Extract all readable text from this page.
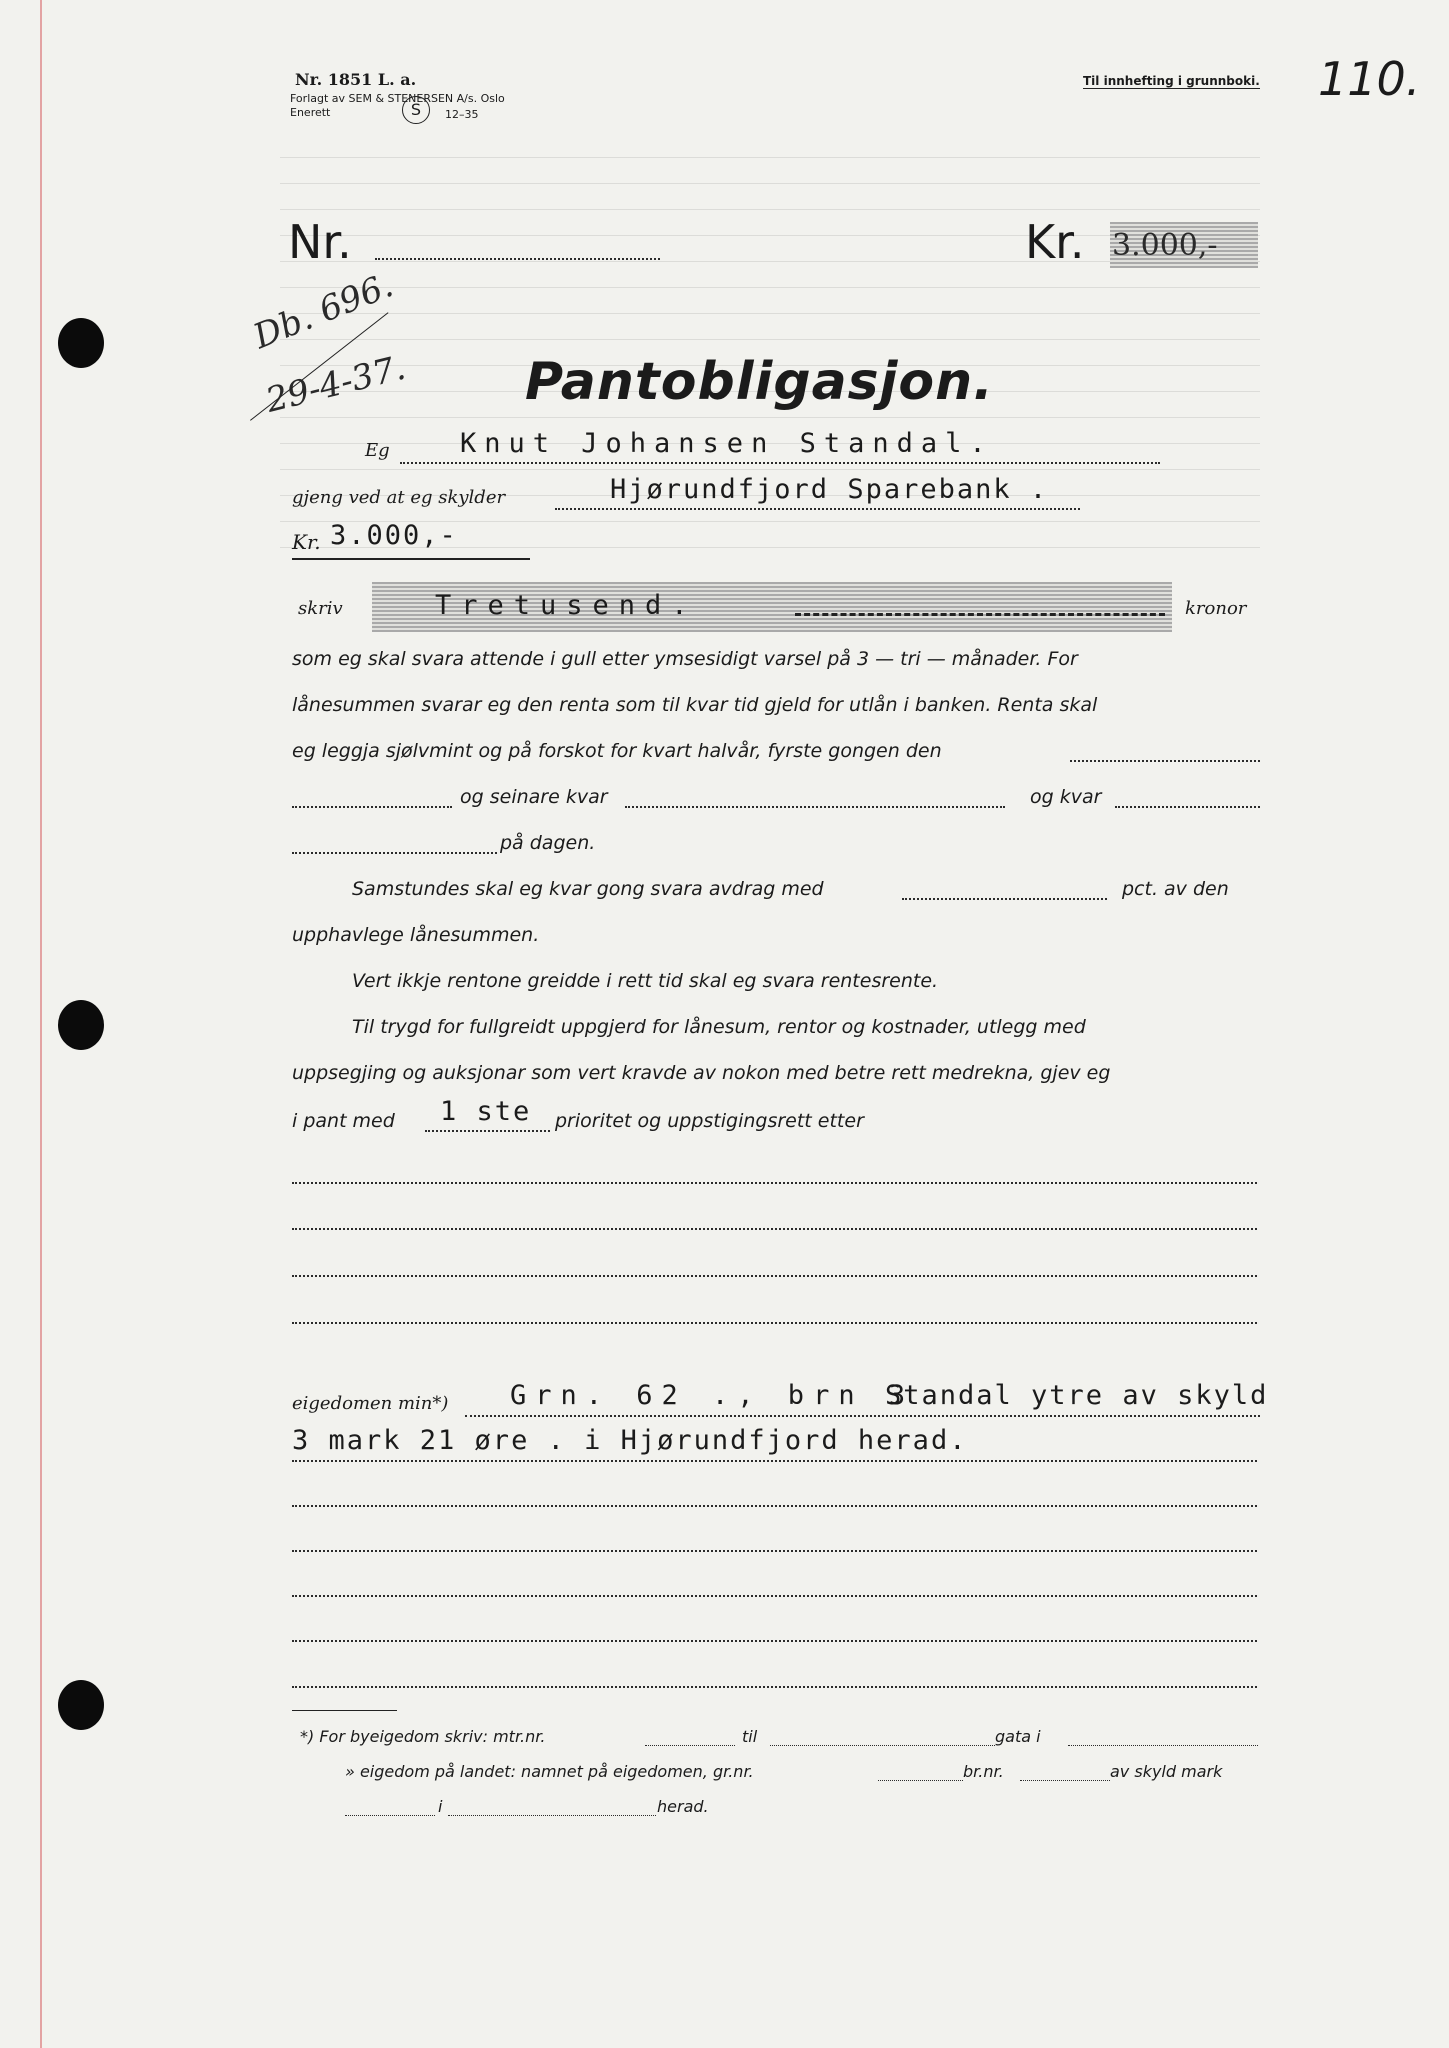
Nr. 1851 L. a.
Forlagt av SEM & STENERSEN A/s. Oslo
Enerett	S	12–35
Til innhefting i grunnboki. 110.
Nr.	Kr. 3.000,-
Db. 696.
29-4-37. Pantobligasjon.
Eg	Knut Johansen Standal.
gjeng ved at eg skylder	Hjørundfjord Sparebank .
Kr. 3.000,-
skriv	Tretusend.	kronor
som eg skal svara attende i gull etter ymsesidigt varsel på 3 — tri — månader. For
lånesummen svarar eg den renta som til kvar tid gjeld for utlån i banken. Renta skal
eg leggja sjølvmint og på forskot for kvart halvår, fyrste gongen den
og seinare kvar	og kvar
på dagen.
Samstundes skal eg kvar gong svara avdrag med	pct. av den
upphavlege lånesummen.
Vert ikkje rentone greidde i rett tid skal eg svara rentesrente.
Til trygd for fullgreidt uppgjerd for lånesum, rentor og kostnader, utlegg med
uppsegjing og auksjonar som vert kravde av nokon med betre rett medrekna, gjev eg
i pant med 1 ste prioritet og uppstigingsrett etter
eigedomen min*) Grn. 62 ., brn 3
Standal ytre av skyld
3 mark 21 øre . i Hjørundfjord herad.
*) For byeigedom skriv: mtr.nr.	til	gata i
» eigedom på landet: namnet på eigedomen, gr.nr.	br.nr.	av skyld mark
i	herad.
